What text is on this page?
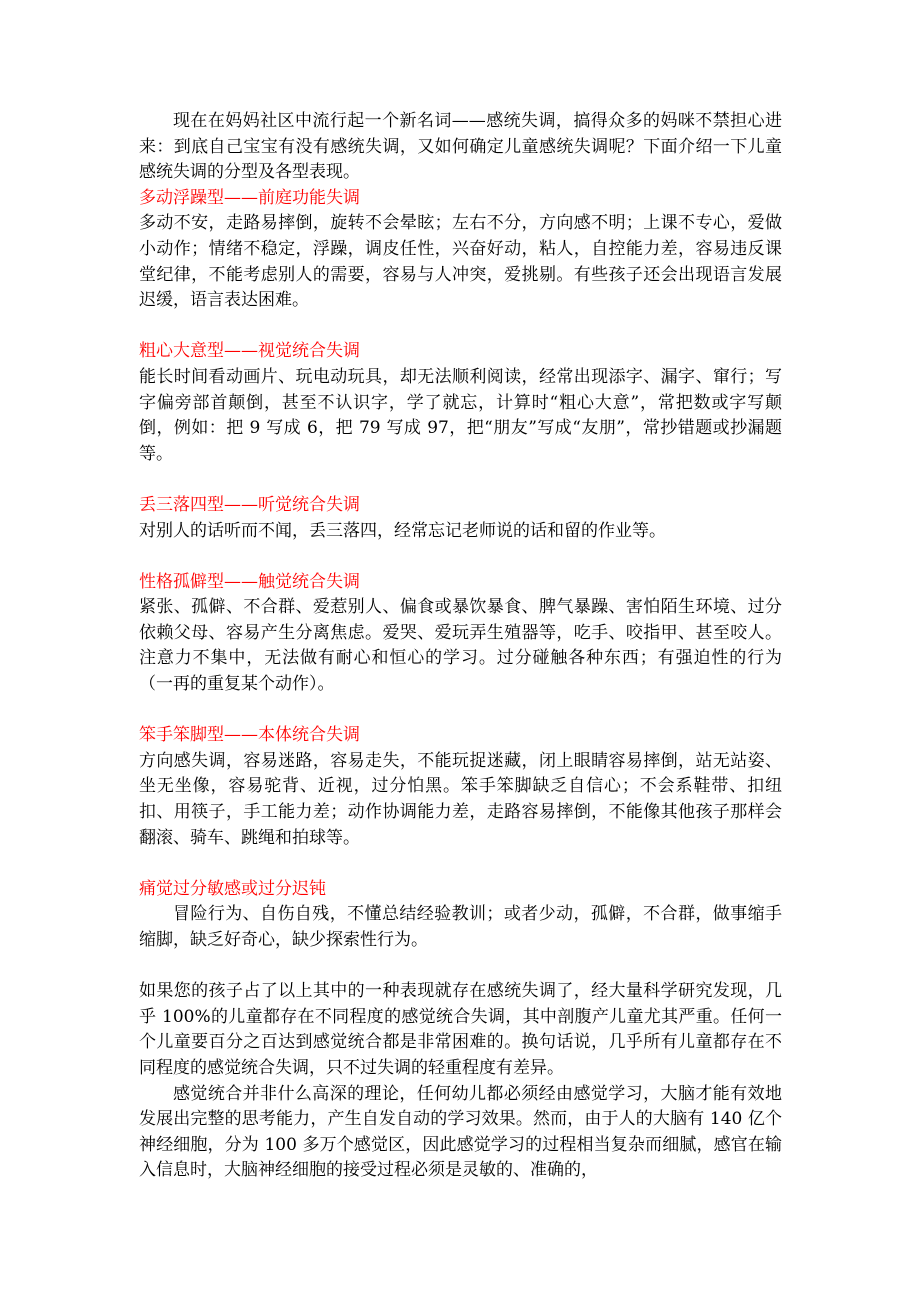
现在在妈妈社区中流行起一个新名词——感统失调，搞得众多的妈咪不禁担心进来：到底自己宝宝有没有感统失调，又如何确定儿童感统失调呢？下面介绍一下儿童感统失调的分型及各型表现。

多动浮躁型——前庭功能失调

多动不安，走路易摔倒，旋转不会晕眩；左右不分，方向感不明；上课不专心，爱做小动作；情绪不稳定，浮躁，调皮任性，兴奋好动，粘人，自控能力差，容易违反课堂纪律，不能考虑别人的需要，容易与人冲突，爱挑剔。有些孩子还会出现语言发展迟缓，语言表达困难。

粗心大意型——视觉统合失调

能长时间看动画片、玩电动玩具，却无法顺利阅读，经常出现添字、漏字、窜行；写字偏旁部首颠倒，甚至不认识字，学了就忘，计算时“粗心大意”，常把数或字写颠倒，例如：把 9 写成 6，把 79 写成 97，把“朋友”写成“友朋”，常抄错题或抄漏题等。

丢三落四型——听觉统合失调

对别人的话听而不闻，丢三落四，经常忘记老师说的话和留的作业等。

性格孤僻型——触觉统合失调

紧张、孤僻、不合群、爱惹别人、偏食或暴饮暴食、脾气暴躁、害怕陌生环境、过分依赖父母、容易产生分离焦虑。爱哭、爱玩弄生殖器等，吃手、咬指甲、甚至咬人。注意力不集中，无法做有耐心和恒心的学习。过分碰触各种东西；有强迫性的行为（一再的重复某个动作）。

笨手笨脚型——本体统合失调

方向感失调，容易迷路，容易走失，不能玩捉迷藏，闭上眼睛容易摔倒，站无站姿、坐无坐像，容易驼背、近视，过分怕黑。笨手笨脚缺乏自信心；不会系鞋带、扣纽扣、用筷子，手工能力差；动作协调能力差，走路容易摔倒，不能像其他孩子那样会翻滚、骑车、跳绳和拍球等。

痛觉过分敏感或过分迟钝

冒险行为、自伤自残，不懂总结经验教训；或者少动，孤僻，不合群，做事缩手缩脚，缺乏好奇心，缺少探索性行为。

如果您的孩子占了以上其中的一种表现就存在感统失调了，经大量科学研究发现，几乎 100%的儿童都存在不同程度的感觉统合失调，其中剖腹产儿童尤其严重。任何一个儿童要百分之百达到感觉统合都是非常困难的。换句话说，几乎所有儿童都存在不同程度的感觉统合失调，只不过失调的轻重程度有差异。

感觉统合并非什么高深的理论，任何幼儿都必须经由感觉学习，大脑才能有效地发展出完整的思考能力，产生自发自动的学习效果。然而，由于人的大脑有 140 亿个神经细胞，分为 100 多万个感觉区，因此感觉学习的过程相当复杂而细腻，感官在输入信息时，大脑神经细胞的接受过程必须是灵敏的、准确的，
